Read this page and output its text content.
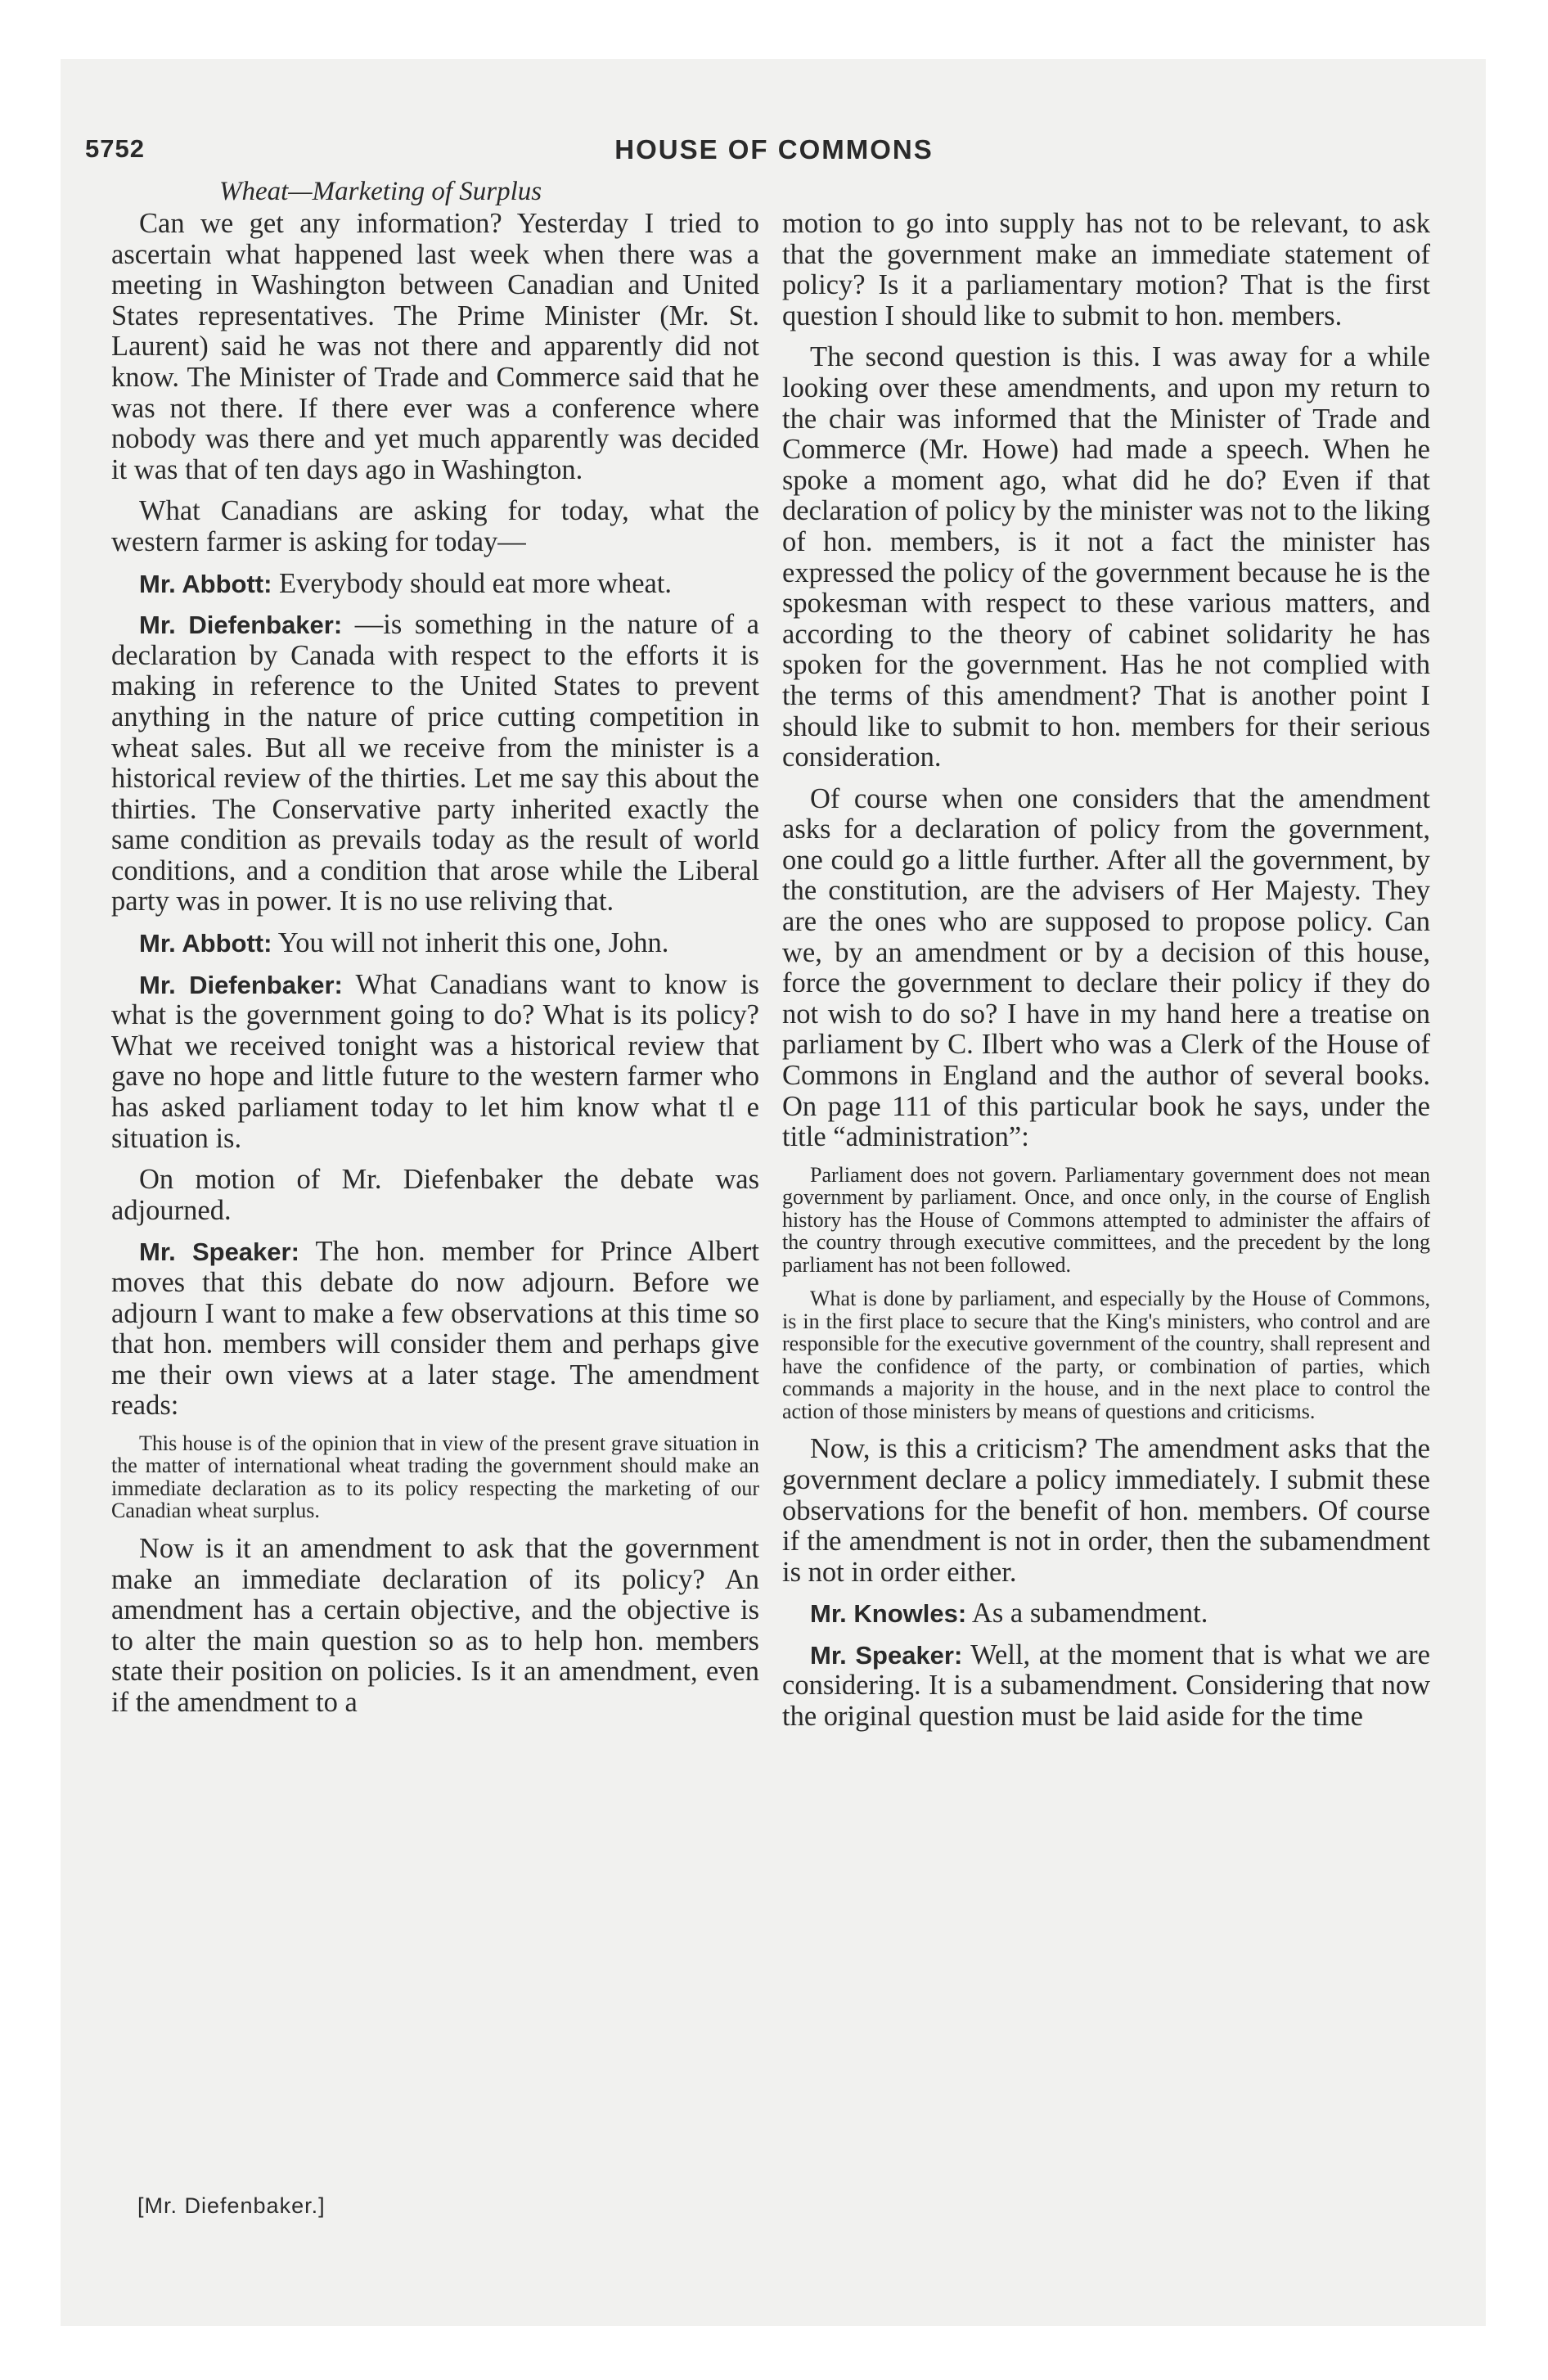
5752	HOUSE OF COMMONS
Wheat—Marketing of Surplus

Can we get any information? Yesterday I tried to ascertain what happened last week when there was a meeting in Washington between Canadian and United States representatives. The Prime Minister (Mr. St. Laurent) said he was not there and apparently did not know. The Minister of Trade and Commerce said that he was not there. If there ever was a conference where nobody was there and yet much apparently was decided it was that of ten days ago in Washington.

What Canadians are asking for today, what the western farmer is asking for today—

Mr. Abbott: Everybody should eat more wheat.

Mr. Diefenbaker: —is something in the nature of a declaration by Canada with respect to the efforts it is making in reference to the United States to prevent anything in the nature of price cutting competition in wheat sales. But all we receive from the minister is a historical review of the thirties. Let me say this about the thirties. The Conservative party inherited exactly the same condition as prevails today as the result of world conditions, and a condition that arose while the Liberal party was in power. It is no use reliving that.

Mr. Abbott: You will not inherit this one, John.

Mr. Diefenbaker: What Canadians want to know is what is the government going to do? What is its policy? What we received tonight was a historical review that gave no hope and little future to the western farmer who has asked parliament today to let him know what tl e situation is.

On motion of Mr. Diefenbaker the debate was adjourned.

Mr. Speaker: The hon. member for Prince Albert moves that this debate do now adjourn. Before we adjourn I want to make a few observations at this time so that hon. members will consider them and perhaps give me their own views at a later stage. The amendment reads:

This house is of the opinion that in view of the present grave situation in the matter of international wheat trading the government should make an immediate declaration as to its policy respecting the marketing of our Canadian wheat surplus.

Now is it an amendment to ask that the government make an immediate declaration of its policy? An amendment has a certain objective, and the objective is to alter the main question so as to help hon. members state their position on policies. Is it an amendment, even if the amendment to a

motion to go into supply has not to be relevant, to ask that the government make an immediate statement of policy? Is it a parliamentary motion? That is the first question I should like to submit to hon. members.

The second question is this. I was away for a while looking over these amendments, and upon my return to the chair was informed that the Minister of Trade and Commerce (Mr. Howe) had made a speech. When he spoke a moment ago, what did he do? Even if that declaration of policy by the minister was not to the liking of hon. members, is it not a fact the minister has expressed the policy of the government because he is the spokesman with respect to these various matters, and according to the theory of cabinet solidarity he has spoken for the government. Has he not complied with the terms of this amendment? That is another point I should like to submit to hon. members for their serious consideration.

Of course when one considers that the amendment asks for a declaration of policy from the government, one could go a little further. After all the government, by the constitution, are the advisers of Her Majesty. They are the ones who are supposed to propose policy. Can we, by an amendment or by a decision of this house, force the government to declare their policy if they do not wish to do so? I have in my hand here a treatise on parliament by C. Ilbert who was a Clerk of the House of Commons in England and the author of several books. On page 111 of this particular book he says, under the title “administration”:

Parliament does not govern. Parliamentary government does not mean government by parliament. Once, and once only, in the course of English history has the House of Commons attempted to administer the affairs of the country through executive committees, and the precedent by the long parliament has not been followed.

What is done by parliament, and especially by the House of Commons, is in the first place to secure that the King's ministers, who control and are responsible for the executive government of the country, shall represent and have the confidence of the party, or combination of parties, which commands a majority in the house, and in the next place to control the action of those ministers by means of questions and criticisms.

Now, is this a criticism? The amendment asks that the government declare a policy immediately. I submit these observations for the benefit of hon. members. Of course if the amendment is not in order, then the subamendment is not in order either.

Mr. Knowles: As a subamendment.

Mr. Speaker: Well, at the moment that is what we are considering. It is a subamendment. Considering that now the original question must be laid aside for the time

[Mr. Diefenbaker.]
